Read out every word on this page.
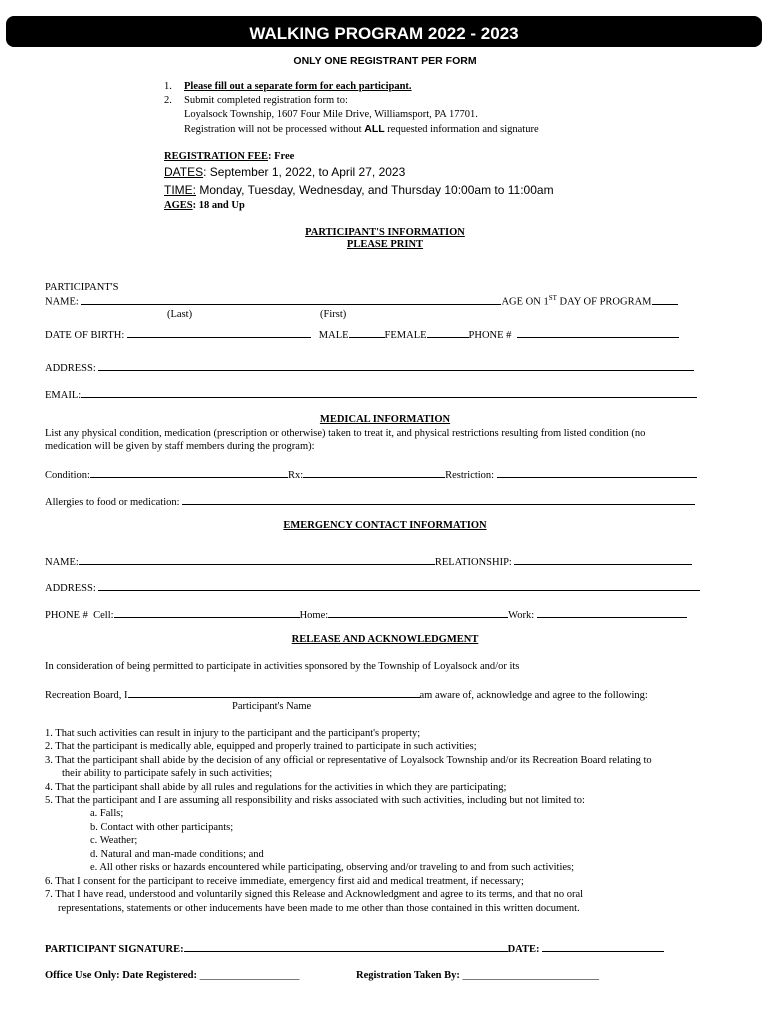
WALKING PROGRAM 2022 - 2023
ONLY ONE REGISTRANT PER FORM
1. Please fill out a separate form for each participant.
2. Submit completed registration form to:
Loyalsock Township, 1607 Four Mile Drive, Williamsport, PA 17701.
Registration will not be processed without ALL requested information and signature
REGISTRATION FEE: Free
DATES: September 1, 2022, to April 27, 2023
TIME: Monday, Tuesday, Wednesday, and Thursday 10:00am to 11:00am
AGES: 18 and Up
PARTICIPANT'S INFORMATION
PLEASE PRINT
PARTICIPANT'S
NAME:	AGE ON 1ST DAY OF PROGRAM
(Last)	(First)
DATE OF BIRTH:	MALE	FEMALE	PHONE #
ADDRESS:
EMAIL:
MEDICAL INFORMATION
List any physical condition, medication (prescription or otherwise) taken to treat it, and physical restrictions resulting from listed condition (no
medication will be given by staff members during the program):
Condition:	Rx:	Restriction:
Allergies to food or medication:
EMERGENCY CONTACT INFORMATION
NAME:	RELATIONSHIP:
ADDRESS:
PHONE # Cell:	Home:	Work:
RELEASE AND ACKNOWLEDGMENT
In consideration of being permitted to participate in activities sponsored by the Township of Loyalsock and/or its
Recreation Board, I	am aware of, acknowledge and agree to the following:
Participant's Name
1. That such activities can result in injury to the participant and the participant's property;
2. That the participant is medically able, equipped and properly trained to participate in such activities;
3. That the participant shall abide by the decision of any official or representative of Loyalsock Township and/or its Recreation Board relating to
their ability to participate safely in such activities;
4. That the participant shall abide by all rules and regulations for the activities in which they are participating;
5. That the participant and I are assuming all responsibility and risks associated with such activities, including but not limited to:
a. Falls;
b. Contact with other participants;
c. Weather;
d. Natural and man-made conditions; and
e. All other risks or hazards encountered while participating, observing and/or traveling to and from such activities;
6. That I consent for the participant to receive immediate, emergency first aid and medical treatment, if necessary;
7. That I have read, understood and voluntarily signed this Release and Acknowledgment and agree to its terms, and that no oral
representations, statements or other inducements have been made to me other than those contained in this written document.
PARTICIPANT SIGNATURE:	DATE:
Office Use Only: Date Registered: ___________________	Registration Taken By: __________________________
